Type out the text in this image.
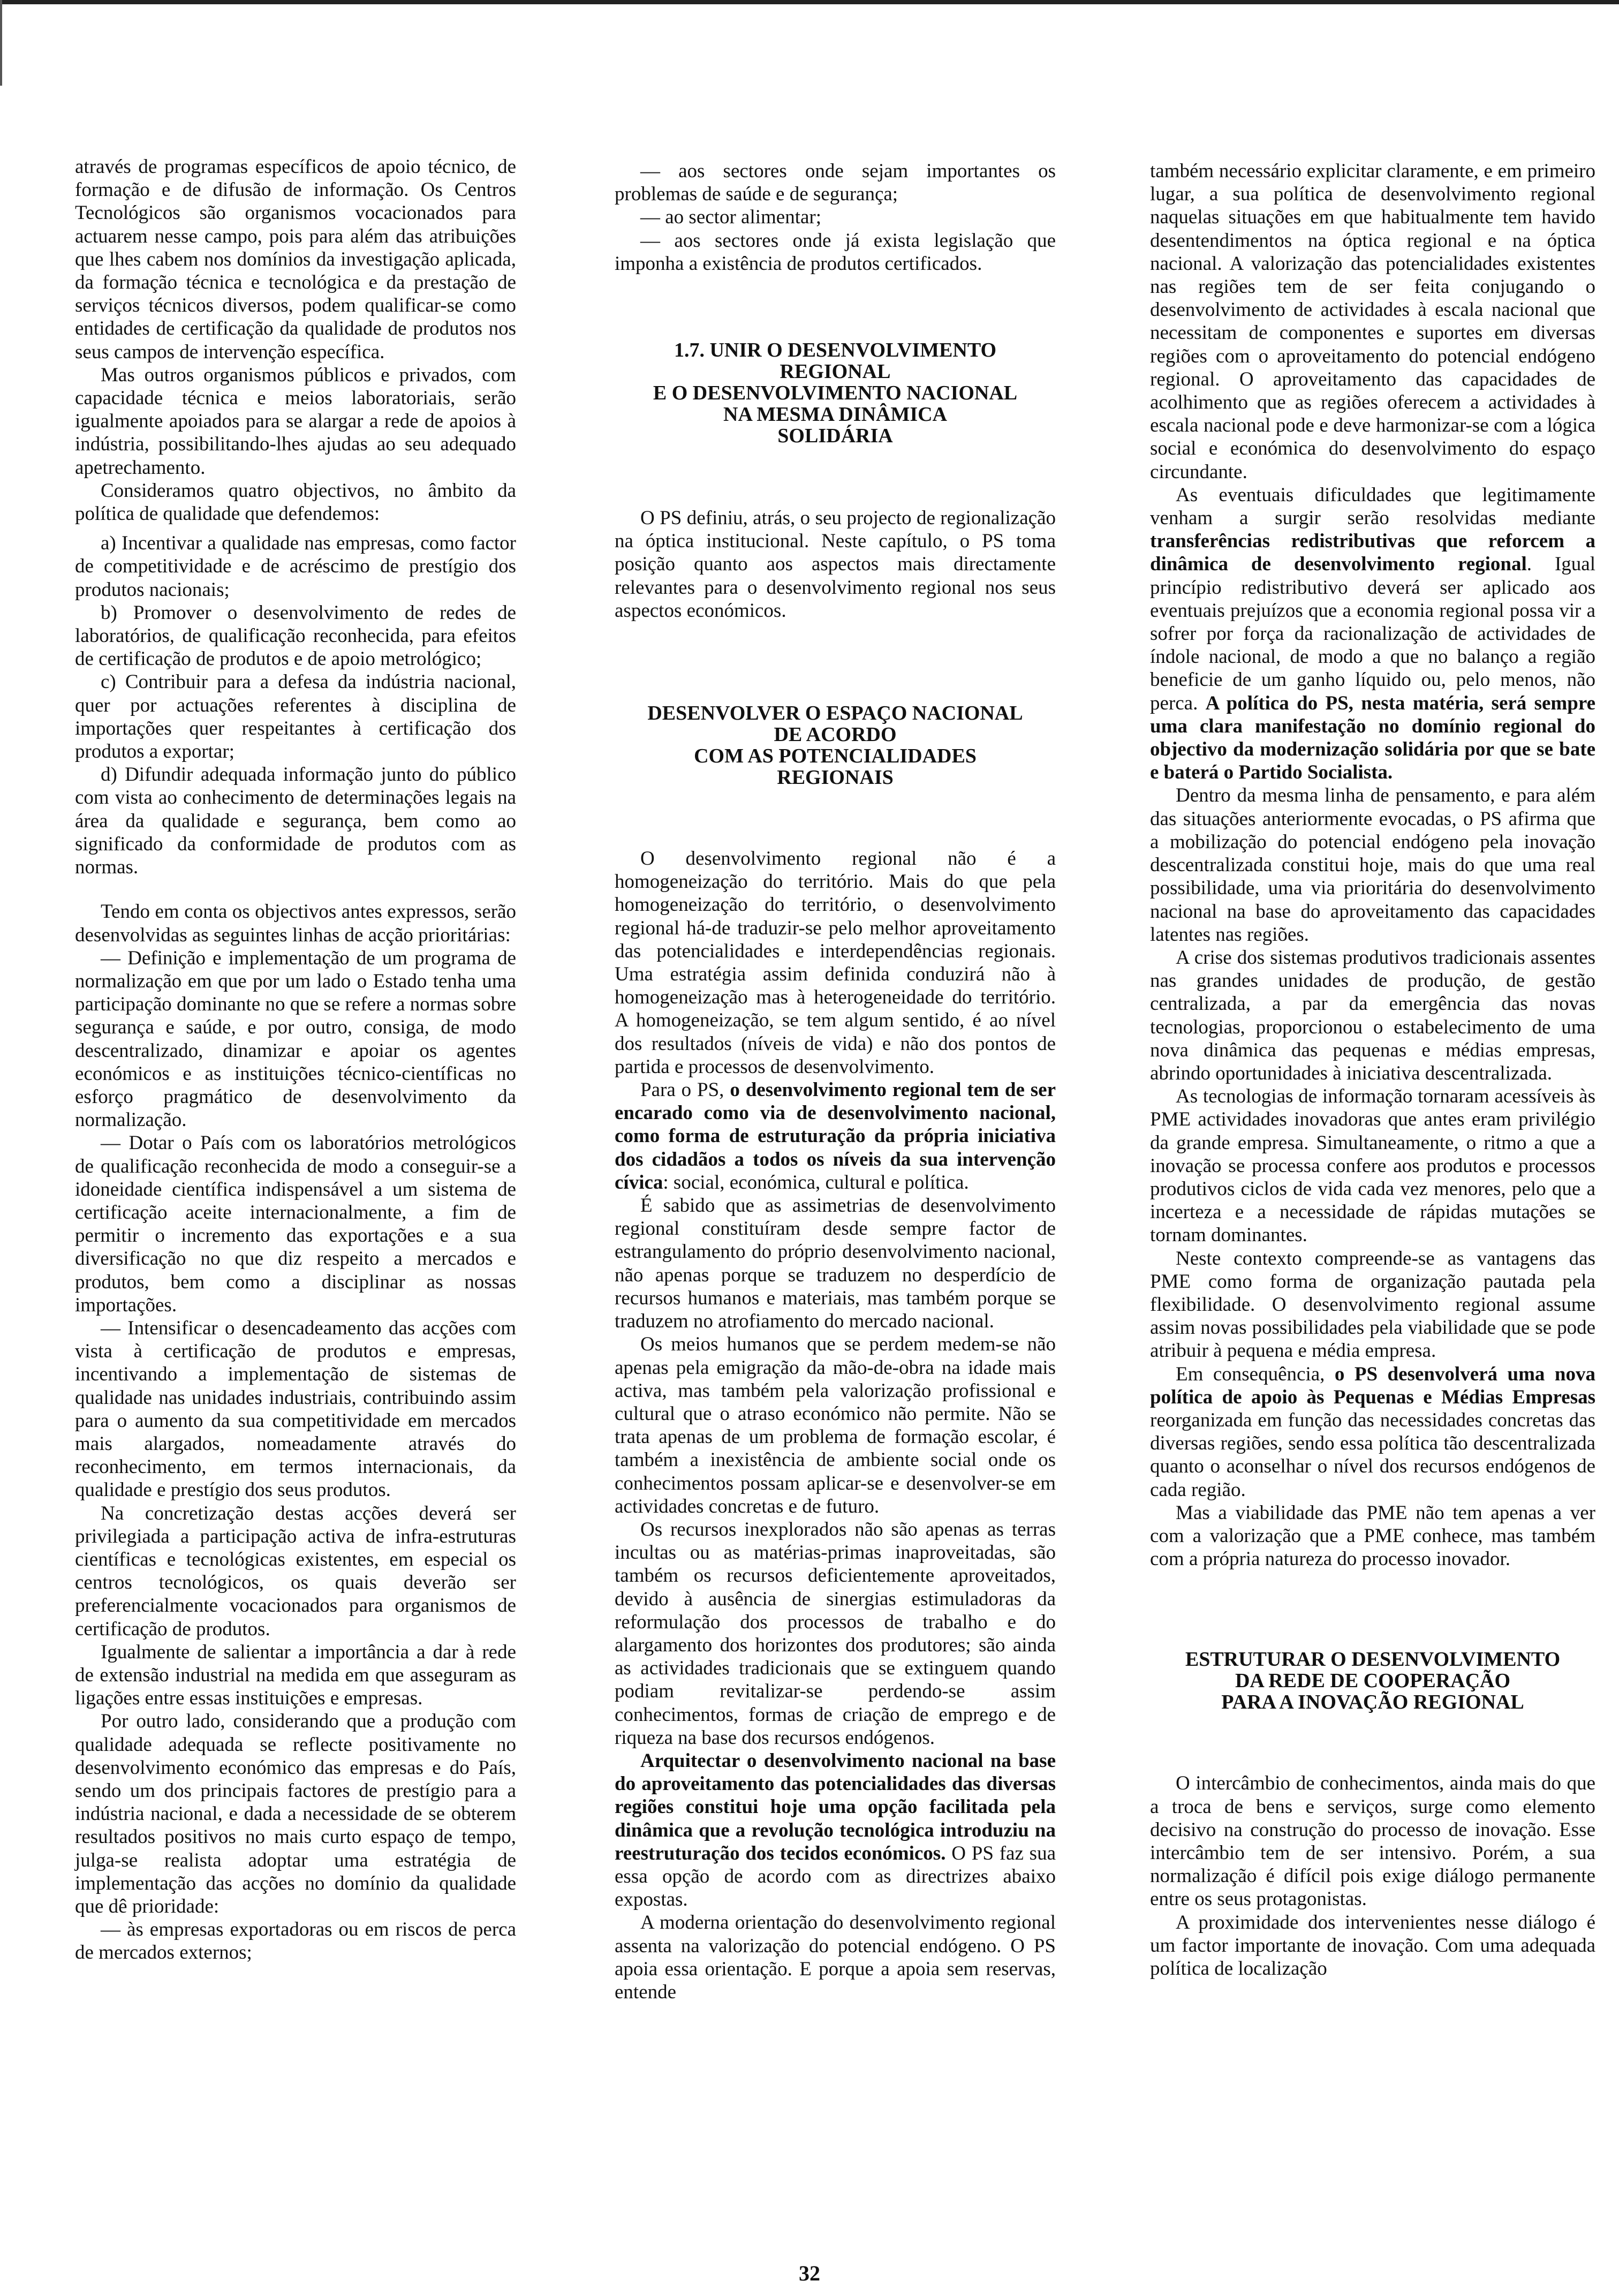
através de programas específicos de apoio técnico, de formação e de difusão de informação. Os Centros Tecnológicos são organismos vocacionados para actuarem nesse campo, pois para além das atribuições que lhes cabem nos domínios da investigação aplicada, da formação técnica e tecnológica e da prestação de serviços técnicos diversos, podem qualificar-se como entidades de certificação da qualidade de produtos nos seus campos de intervenção específica.

Mas outros organismos públicos e privados, com capacidade técnica e meios laboratoriais, serão igualmente apoiados para se alargar a rede de apoios à indústria, possibilitando-lhes ajudas ao seu adequado apetrechamento.

Consideramos quatro objectivos, no âmbito da política de qualidade que defendemos:

a) Incentivar a qualidade nas empresas, como factor de competitividade e de acréscimo de prestígio dos produtos nacionais;

b) Promover o desenvolvimento de redes de laboratórios, de qualificação reconhecida, para efeitos de certificação de produtos e de apoio metrológico;

c) Contribuir para a defesa da indústria nacional, quer por actuações referentes à disciplina de importações quer respeitantes à certificação dos produtos a exportar;

d) Difundir adequada informação junto do público com vista ao conhecimento de determinações legais na área da qualidade e segurança, bem como ao significado da conformidade de produtos com as normas.

Tendo em conta os objectivos antes expressos, serão desenvolvidas as seguintes linhas de acção prioritárias:

— Definição e implementação de um programa de normalização em que por um lado o Estado tenha uma participação dominante no que se refere a normas sobre segurança e saúde, e por outro, consiga, de modo descentralizado, dinamizar e apoiar os agentes económicos e as instituições técnico-científicas no esforço pragmático de desenvolvimento da normalização.

— Dotar o País com os laboratórios metrológicos de qualificação reconhecida de modo a conseguir-se a idoneidade científica indispensável a um sistema de certificação aceite internacionalmente, a fim de permitir o incremento das exportações e a sua diversificação no que diz respeito a mercados e produtos, bem como a disciplinar as nossas importações.

— Intensificar o desencadeamento das acções com vista à certificação de produtos e empresas, incentivando a implementação de sistemas de qualidade nas unidades industriais, contribuindo assim para o aumento da sua competitividade em mercados mais alargados, nomeadamente através do reconhecimento, em termos internacionais, da qualidade e prestígio dos seus produtos.

Na concretização destas acções deverá ser privilegiada a participação activa de infra-estruturas científicas e tecnológicas existentes, em especial os centros tecnológicos, os quais deverão ser preferencialmente vocacionados para organismos de certificação de produtos.

Igualmente de salientar a importância a dar à rede de extensão industrial na medida em que asseguram as ligações entre essas instituições e empresas.

Por outro lado, considerando que a produção com qualidade adequada se reflecte positivamente no desenvolvimento económico das empresas e do País, sendo um dos principais factores de prestígio para a indústria nacional, e dada a necessidade de se obterem resultados positivos no mais curto espaço de tempo, julga-se realista adoptar uma estratégia de implementação das acções no domínio da qualidade que dê prioridade:

— às empresas exportadoras ou em riscos de perca de mercados externos;

— aos sectores onde sejam importantes os problemas de saúde e de segurança;

— ao sector alimentar;

— aos sectores onde já exista legislação que imponha a existência de produtos certificados.

1.7. UNIR O DESENVOLVIMENTO
REGIONAL
E O DESENVOLVIMENTO NACIONAL
NA MESMA DINÂMICA
SOLIDÁRIA

O PS definiu, atrás, o seu projecto de regionalização na óptica institucional. Neste capítulo, o PS toma posição quanto aos aspectos mais directamente relevantes para o desenvolvimento regional nos seus aspectos económicos.

DESENVOLVER O ESPAÇO NACIONAL
DE ACORDO
COM AS POTENCIALIDADES
REGIONAIS

O desenvolvimento regional não é a homogeneização do território. Mais do que pela homogeneização do território, o desenvolvimento regional há-de traduzir-se pelo melhor aproveitamento das potencialidades e interdependências regionais. Uma estratégia assim definida conduzirá não à homogeneização mas à heterogeneidade do território. A homogeneização, se tem algum sentido, é ao nível dos resultados (níveis de vida) e não dos pontos de partida e processos de desenvolvimento.

Para o PS, o desenvolvimento regional tem de ser encarado como via de desenvolvimento nacional, como forma de estruturação da própria iniciativa dos cidadãos a todos os níveis da sua intervenção cívica: social, económica, cultural e política.

É sabido que as assimetrias de desenvolvimento regional constituíram desde sempre factor de estrangulamento do próprio desenvolvimento nacional, não apenas porque se traduzem no desperdício de recursos humanos e materiais, mas também porque se traduzem no atrofiamento do mercado nacional.

Os meios humanos que se perdem medem-se não apenas pela emigração da mão-de-obra na idade mais activa, mas também pela valorização profissional e cultural que o atraso económico não permite. Não se trata apenas de um problema de formação escolar, é também a inexistência de ambiente social onde os conhecimentos possam aplicar-se e desenvolver-se em actividades concretas e de futuro.

Os recursos inexplorados não são apenas as terras incultas ou as matérias-primas inaproveitadas, são também os recursos deficientemente aproveitados, devido à ausência de sinergias estimuladoras da reformulação dos processos de trabalho e do alargamento dos horizontes dos produtores; são ainda as actividades tradicionais que se extinguem quando podiam revitalizar-se perdendo-se assim conhecimentos, formas de criação de emprego e de riqueza na base dos recursos endógenos.

Arquitectar o desenvolvimento nacional na base do aproveitamento das potencialidades das diversas regiões constitui hoje uma opção facilitada pela dinâmica que a revolução tecnológica introduziu na reestruturação dos tecidos económicos. O PS faz sua essa opção de acordo com as directrizes abaixo expostas.

A moderna orientação do desenvolvimento regional assenta na valorização do potencial endógeno. O PS apoia essa orientação. E porque a apoia sem reservas, entende

também necessário explicitar claramente, e em primeiro lugar, a sua política de desenvolvimento regional naquelas situações em que habitualmente tem havido desentendimentos na óptica regional e na óptica nacional. A valorização das potencialidades existentes nas regiões tem de ser feita conjugando o desenvolvimento de actividades à escala nacional que necessitam de componentes e suportes em diversas regiões com o aproveitamento do potencial endógeno regional. O aproveitamento das capacidades de acolhimento que as regiões oferecem a actividades à escala nacional pode e deve harmonizar-se com a lógica social e económica do desenvolvimento do espaço circundante.

As eventuais dificuldades que legitimamente venham a surgir serão resolvidas mediante transferências redistributivas que reforcem a dinâmica de desenvolvimento regional. Igual princípio redistributivo deverá ser aplicado aos eventuais prejuízos que a economia regional possa vir a sofrer por força da racionalização de actividades de índole nacional, de modo a que no balanço a região beneficie de um ganho líquido ou, pelo menos, não perca. A política do PS, nesta matéria, será sempre uma clara manifestação no domínio regional do objectivo da modernização solidária por que se bate e baterá o Partido Socialista.

Dentro da mesma linha de pensamento, e para além das situações anteriormente evocadas, o PS afirma que a mobilização do potencial endógeno pela inovação descentralizada constitui hoje, mais do que uma real possibilidade, uma via prioritária do desenvolvimento nacional na base do aproveitamento das capacidades latentes nas regiões.

A crise dos sistemas produtivos tradicionais assentes nas grandes unidades de produção, de gestão centralizada, a par da emergência das novas tecnologias, proporcionou o estabelecimento de uma nova dinâmica das pequenas e médias empresas, abrindo oportunidades à iniciativa descentralizada.

As tecnologias de informação tornaram acessíveis às PME actividades inovadoras que antes eram privilégio da grande empresa. Simultaneamente, o ritmo a que a inovação se processa confere aos produtos e processos produtivos ciclos de vida cada vez menores, pelo que a incerteza e a necessidade de rápidas mutações se tornam dominantes.

Neste contexto compreende-se as vantagens das PME como forma de organização pautada pela flexibilidade. O desenvolvimento regional assume assim novas possibilidades pela viabilidade que se pode atribuir à pequena e média empresa.

Em consequência, o PS desenvolverá uma nova política de apoio às Pequenas e Médias Empresas reorganizada em função das necessidades concretas das diversas regiões, sendo essa política tão descentralizada quanto o aconselhar o nível dos recursos endógenos de cada região.

Mas a viabilidade das PME não tem apenas a ver com a valorização que a PME conhece, mas também com a própria natureza do processo inovador.

ESTRUTURAR O DESENVOLVIMENTO
DA REDE DE COOPERAÇÃO
PARA A INOVAÇÃO REGIONAL

O intercâmbio de conhecimentos, ainda mais do que a troca de bens e serviços, surge como elemento decisivo na construção do processo de inovação. Esse intercâmbio tem de ser intensivo. Porém, a sua normalização é difícil pois exige diálogo permanente entre os seus protagonistas.

A proximidade dos intervenientes nesse diálogo é um factor importante de inovação. Com uma adequada política de localização

32
